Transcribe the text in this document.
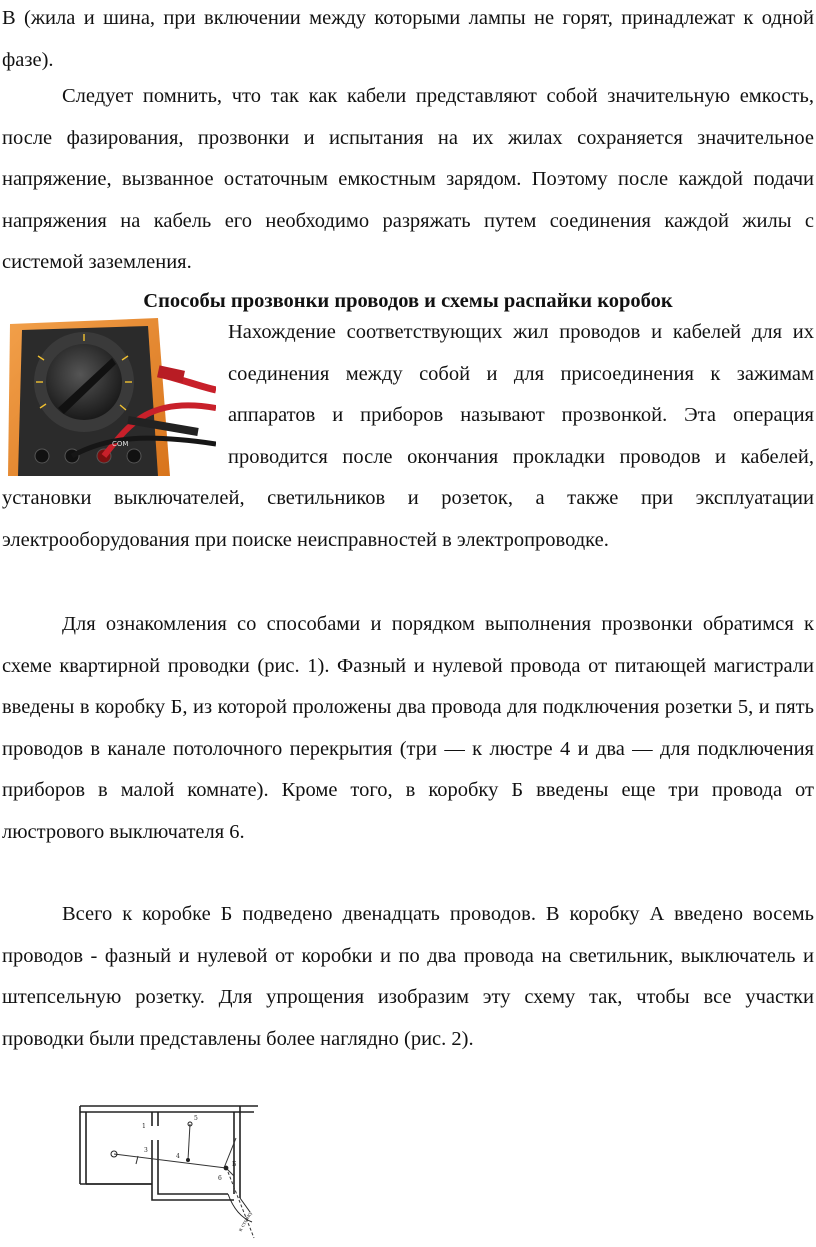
В (жила и шина, при включении между которыми лампы не горят, принадлежат к одной фазе).

Следует помнить, что так как кабели представляют собой значительную емкость, после фазирования, прозвонки и испытания на их жилах сохраняется значительное напряжение, вызванное остаточным емкостным зарядом. Поэтому после каждой подачи напряжения на кабель его необходимо разряжать путем соединения каждой жилы с системой заземления.

Способы прозвонки проводов и схемы распайки коробок
COM

Нахождение соответствующих жил проводов и кабелей для их соединения между собой и для присоединения к зажимам аппаратов и приборов называют прозвонкой. Эта операция проводится после окончания прокладки проводов и кабелей, установки выключателей, светильников и розеток, а также при эксплуатации электрооборудования при поиске неисправностей в электропроводке.

Для ознакомления со способами и порядком выполнения прозвонки обратимся к схеме квартирной проводки (рис. 1). Фазный и нулевой провода от питающей магистрали введены в коробку Б, из которой проложены два провода для подключения розетки 5, и пять проводов в канале потолочного перекрытия (три — к люстре 4 и два — для подключения приборов в малой комнате). Кроме того, в коробку Б введены еще три провода от люстрового выключателя 6.

Всего к коробке Б подведено двенадцать проводов. В коробку А введено восемь проводов - фазный и нулевой от коробки и по два провода на светильник, выключатель и штепсельную розетку. Для упрощения изобразим эту схему так, чтобы все участки проводки были представлены более наглядно (рис. 2).

1
3
4
5
6
Б
к стояку
